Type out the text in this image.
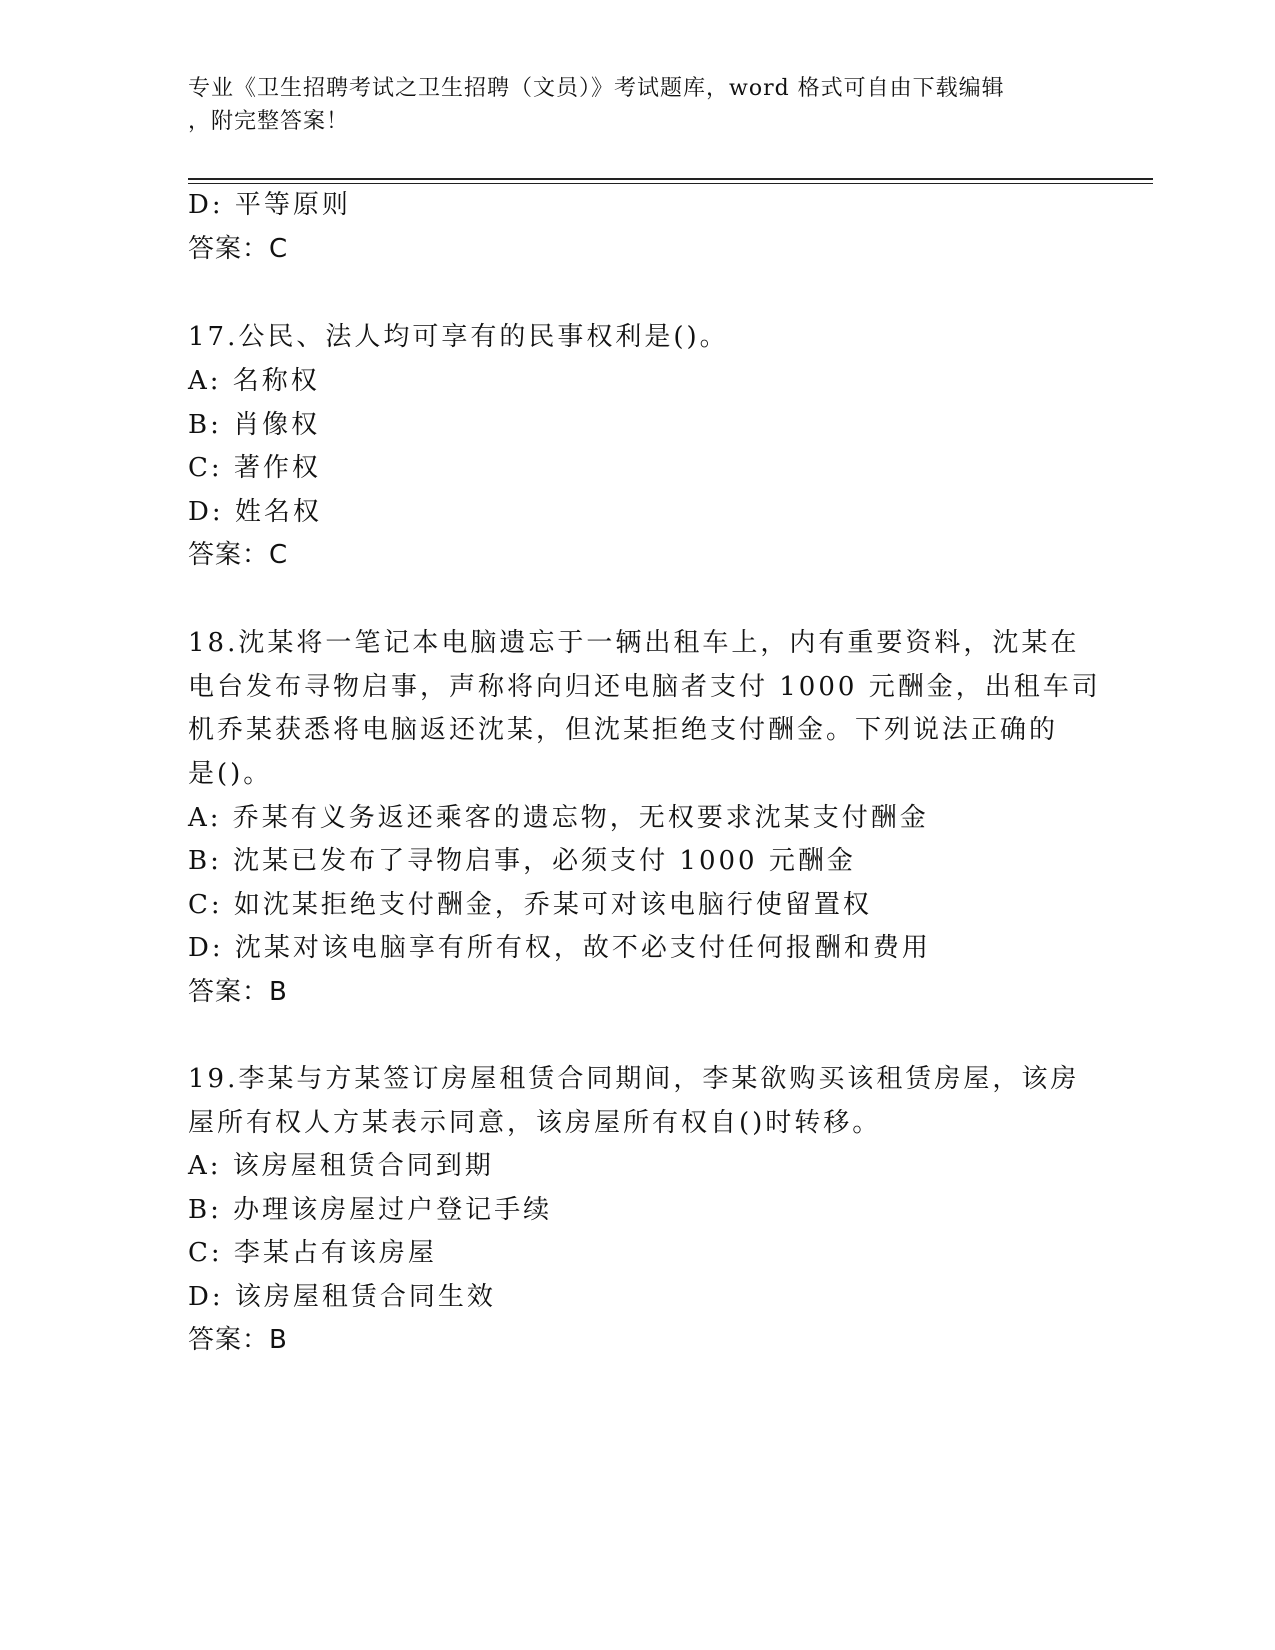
专业《卫生招聘考试之卫生招聘（文员）》考试题库，word 格式可自由下载编辑
，附完整答案！
D: 平等原则
答案：C
17.公民、法人均可享有的民事权利是()。
A: 名称权
B: 肖像权
C: 著作权
D: 姓名权
答案：C
18.沈某将一笔记本电脑遗忘于一辆出租车上，内有重要资料，沈某在
电台发布寻物启事，声称将向归还电脑者支付 1000 元酬金，出租车司
机乔某获悉将电脑返还沈某，但沈某拒绝支付酬金。下列说法正确的
是()。
A: 乔某有义务返还乘客的遗忘物，无权要求沈某支付酬金
B: 沈某已发布了寻物启事，必须支付 1000 元酬金
C: 如沈某拒绝支付酬金，乔某可对该电脑行使留置权
D: 沈某对该电脑享有所有权，故不必支付任何报酬和费用
答案：B
19.李某与方某签订房屋租赁合同期间，李某欲购买该租赁房屋，该房
屋所有权人方某表示同意，该房屋所有权自()时转移。
A: 该房屋租赁合同到期
B: 办理该房屋过户登记手续
C: 李某占有该房屋
D: 该房屋租赁合同生效
答案：B
